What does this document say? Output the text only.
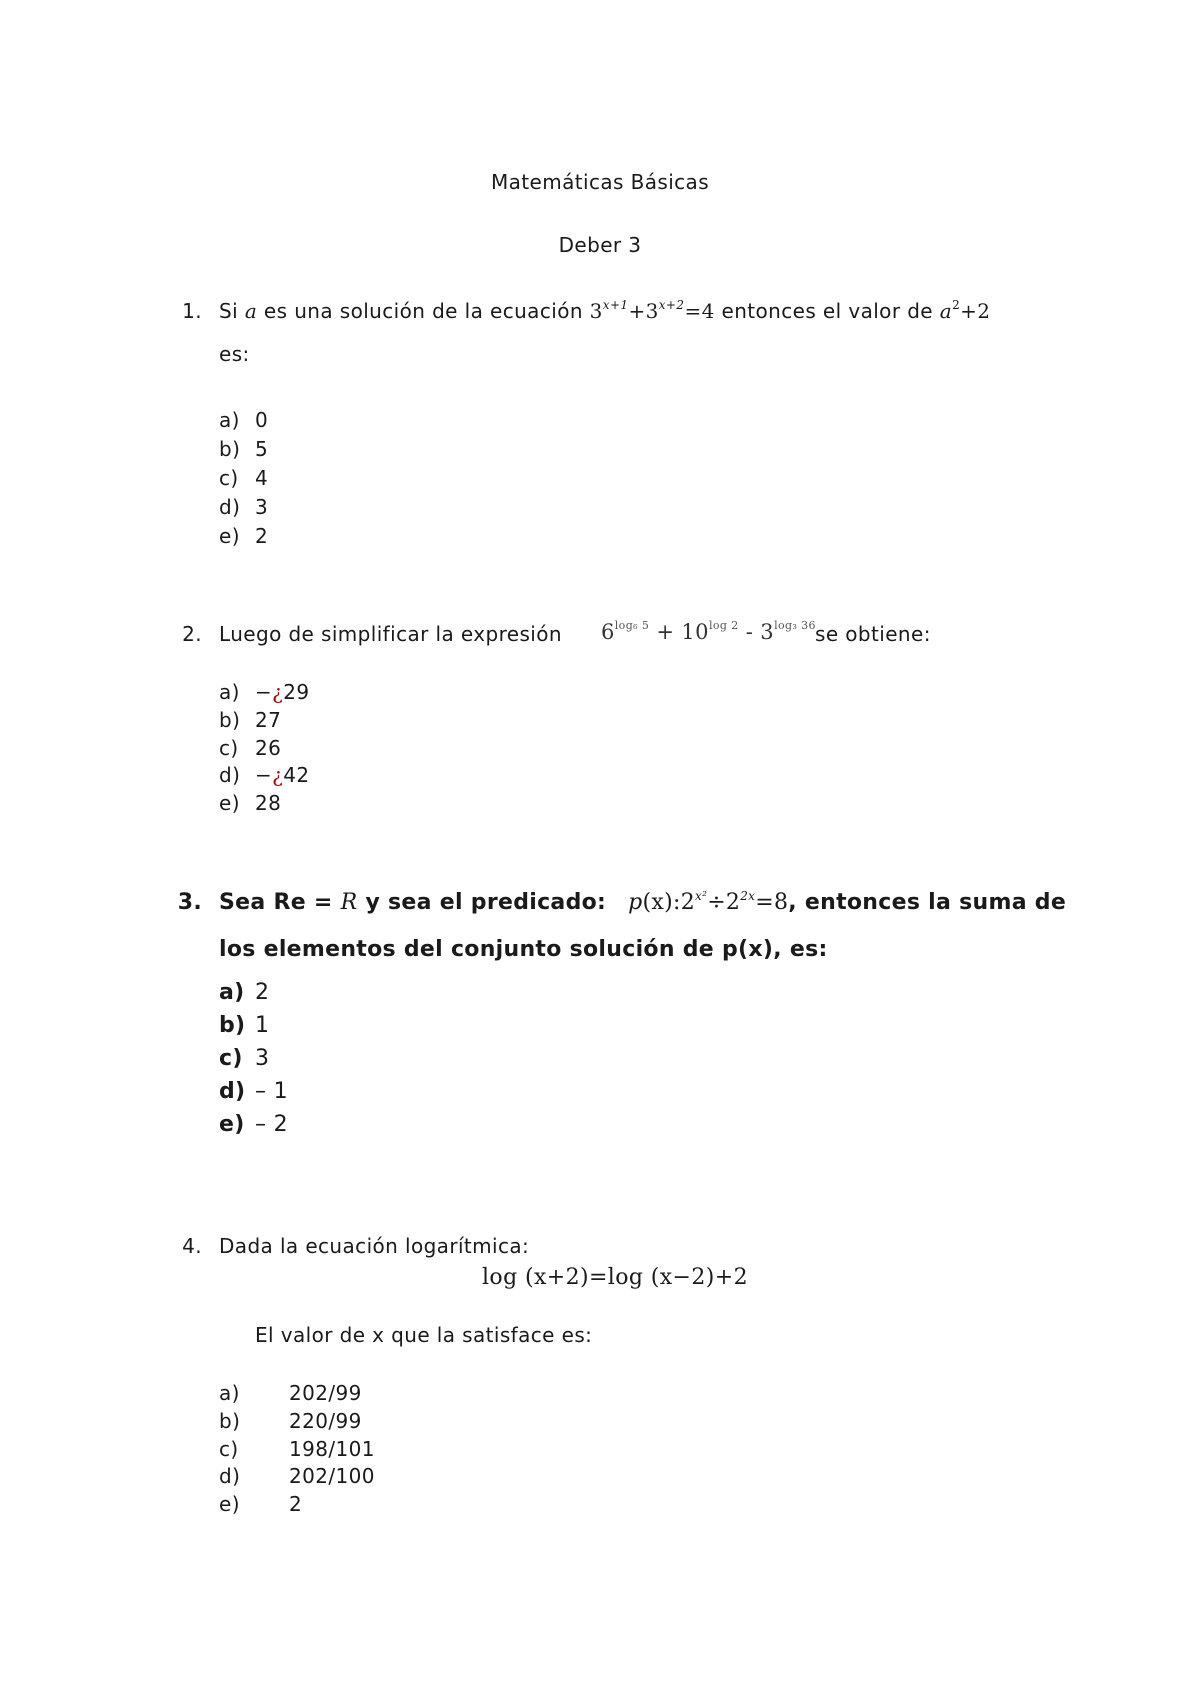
Matemáticas Básicas
Deber 3
1. Si a es una solución de la ecuación $3^{x+1}+3^{x+2}=4$ entonces el valor de $a^2+2$
es:
a) 0
b) 5
c) 4
d) 3
e) 2
2. Luego de simplificar la expresión $6^{log_6 5} + 10^{log 2} - 3^{log_3 36}$ se obtiene:
a) −¿29
b) 27
c) 26
d) −¿42
e) 28
3. Sea Re = R y sea el predicado: $p(x):2^{x^2}\div 2^{2x}=8$, entonces la suma de
los elementos del conjunto solución de p(x), es:
a) 2
b) 1
c) 3
d) – 1
e) – 2
4. Dada la ecuación logarítmica:
log (x+2)=log (x−2)+2
El valor de x que la satisface es:
a) 202/99
b) 220/99
c)	198/101
d) 202/100
e) 2
